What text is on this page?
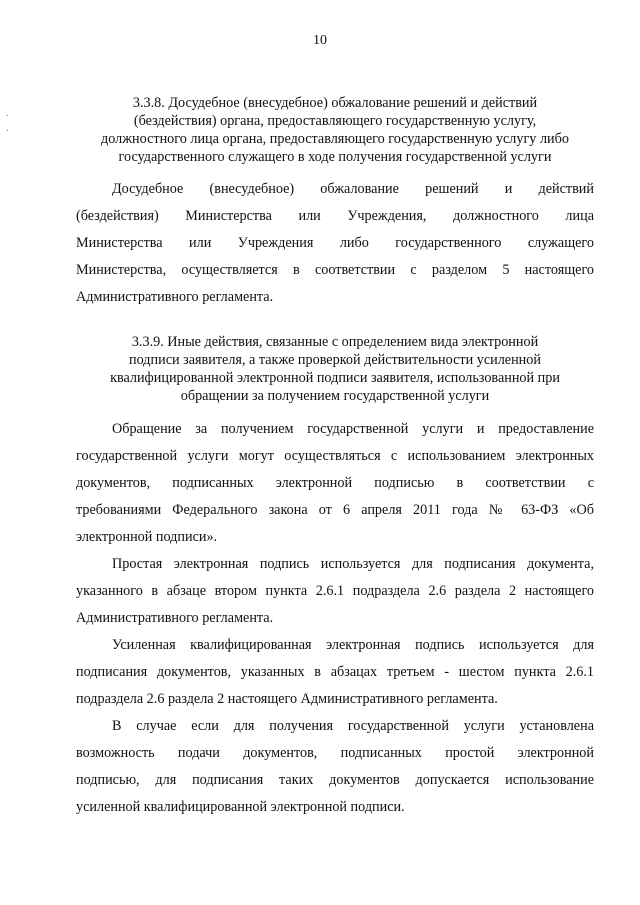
10
.
.
3.3.8. Досудебное (внесудебное) обжалование решений и действий
(бездействия) органа, предоставляющего государственную услугу,
должностного лица органа, предоставляющего государственную услугу либо
государственного служащего в ходе получения государственной услуги
Досудебное (внесудебное) обжалование решений и действий
(бездействия) Министерства или Учреждения, должностного лица
Министерства или Учреждения либо государственного служащего
Министерства, осуществляется в соответствии с разделом 5 настоящего
Административного регламента.
3.3.9. Иные действия, связанные с определением вида электронной
подписи заявителя, а также проверкой действительности усиленной
квалифицированной электронной подписи заявителя, использованной при
обращении за получением государственной услуги
Обращение за получением государственной услуги и предоставление
государственной услуги могут осуществляться с использованием электронных
документов, подписанных электронной подписью в соответствии с
требованиями Федерального закона от 6 апреля 2011 года № 63-ФЗ «Об
электронной подписи».
Простая электронная подпись используется для подписания документа,
указанного в абзаце втором пункта 2.6.1 подраздела 2.6 раздела 2 настоящего
Административного регламента.
Усиленная квалифицированная электронная подпись используется для
подписания документов, указанных в абзацах третьем - шестом пункта 2.6.1
подраздела 2.6 раздела 2 настоящего Административного регламента.
В случае если для получения государственной услуги установлена
возможность подачи документов, подписанных простой электронной
подписью, для подписания таких документов допускается использование
усиленной квалифицированной электронной подписи.
